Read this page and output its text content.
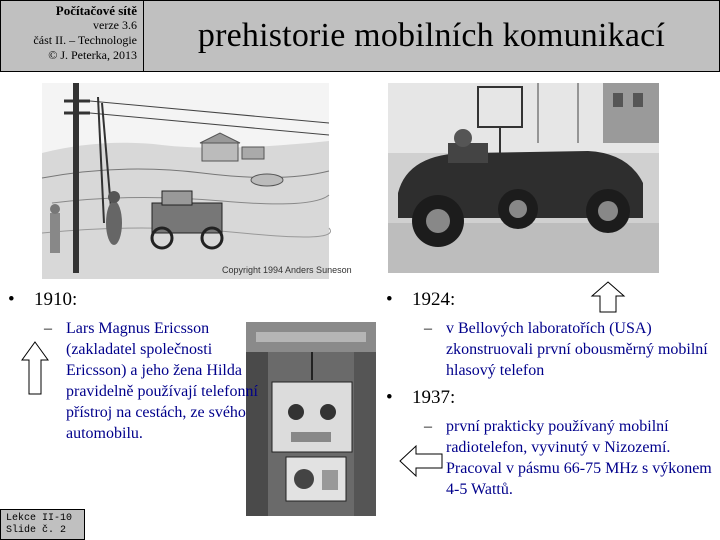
Počítačové sítě
verze 3.6
část II. – Technologie
© J. Peterka, 2013
prehistorie mobilních komunikací
Copyright 1994 Anders Suneson
• 1910:
– Lars Magnus Ericsson (zakladatel společnosti Ericsson) a jeho žena Hilda pravidelně používají telefonní přístroj na cestách, ze svého automobilu.
• 1924:
– v Bellových laboratořích (USA) zkonstruovali první obousměrný mobilní hlasový telefon
• 1937:
– první prakticky používaný mobilní radiotelefon, vyvinutý v Nizozemí. Pracoval v pásmu 66-75 MHz s výkonem 4-5 Wattů.
Lekce II-10
Slide č. 2
